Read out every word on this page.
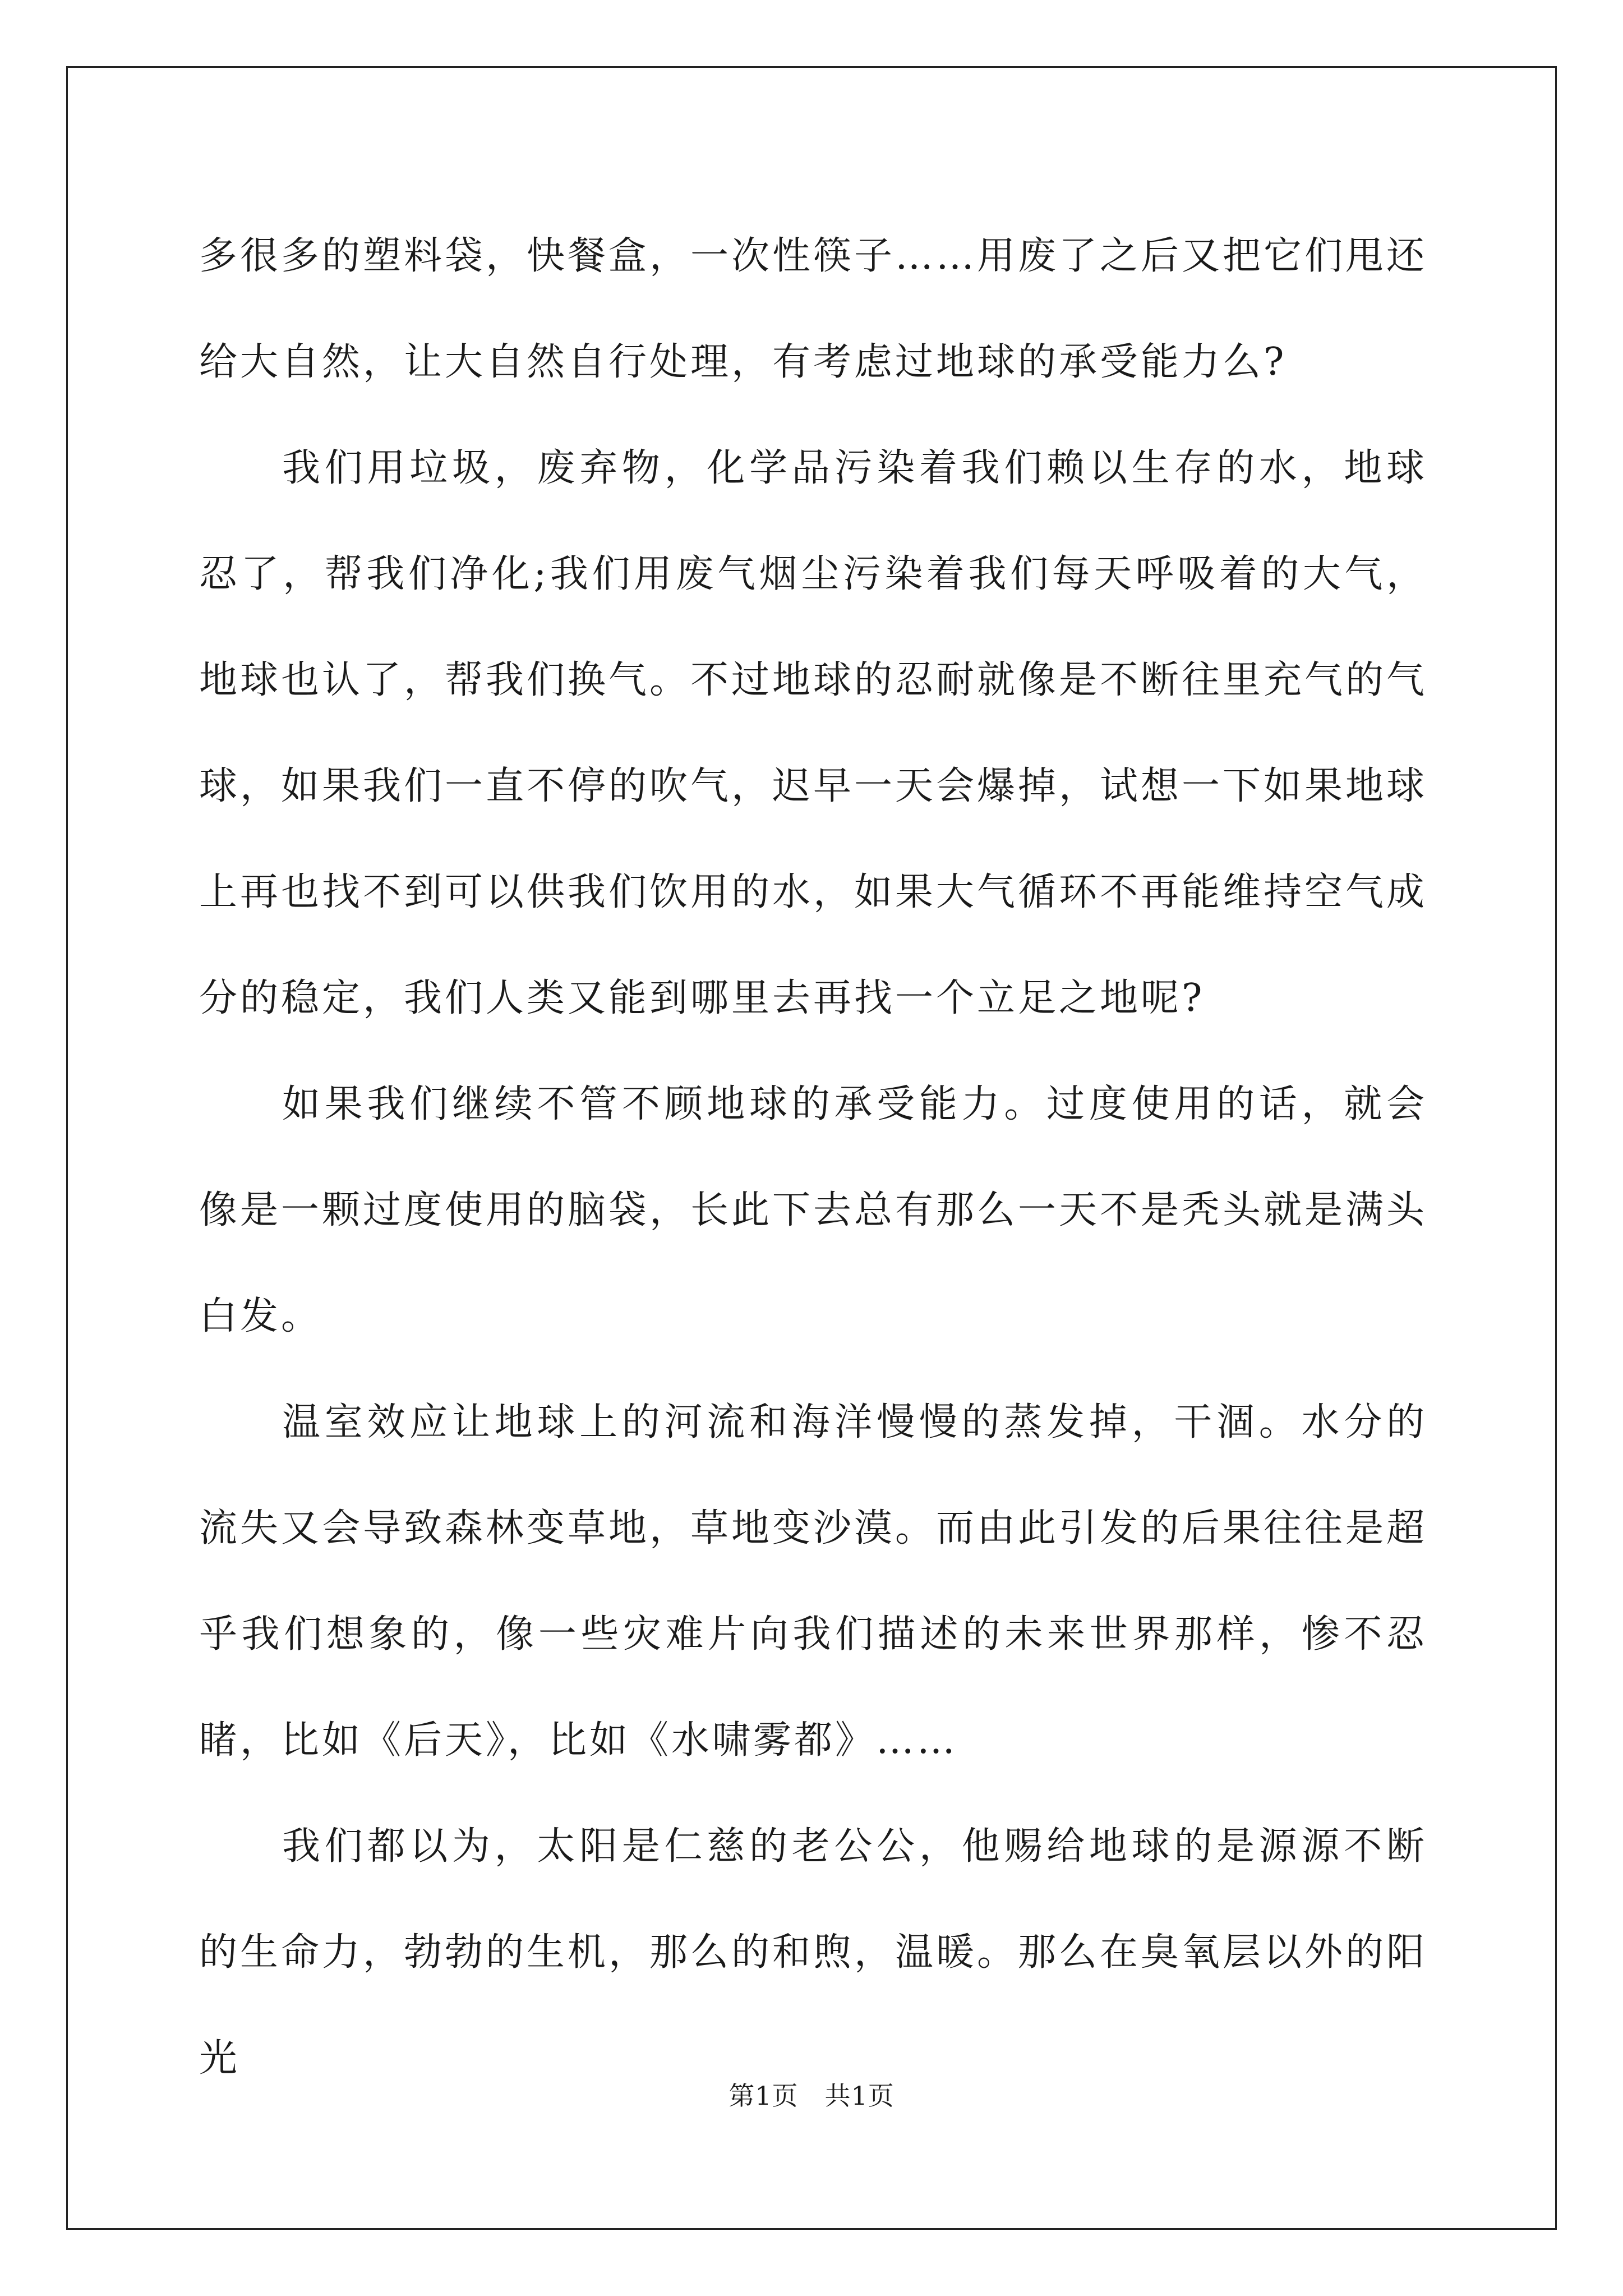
多很多的塑料袋，快餐盒，一次性筷子……用废了之后又把它们甩还给大自然，让大自然自行处理，有考虑过地球的承受能力么?

我们用垃圾，废弃物，化学品污染着我们赖以生存的水，地球忍了，帮我们净化;我们用废气烟尘污染着我们每天呼吸着的大气，地球也认了，帮我们换气。不过地球的忍耐就像是不断往里充气的气球，如果我们一直不停的吹气，迟早一天会爆掉，试想一下如果地球上再也找不到可以供我们饮用的水，如果大气循环不再能维持空气成分的稳定，我们人类又能到哪里去再找一个立足之地呢?

如果我们继续不管不顾地球的承受能力。过度使用的话，就会像是一颗过度使用的脑袋，长此下去总有那么一天不是秃头就是满头白发。

温室效应让地球上的河流和海洋慢慢的蒸发掉，干涸。水分的流失又会导致森林变草地，草地变沙漠。而由此引发的后果往往是超乎我们想象的，像一些灾难片向我们描述的未来世界那样，惨不忍睹，比如《后天》，比如《水啸雾都》……

我们都以为，太阳是仁慈的老公公，他赐给地球的是源源不断的生命力，勃勃的生机，那么的和煦，温暖。那么在臭氧层以外的阳光

第1页 共1页
